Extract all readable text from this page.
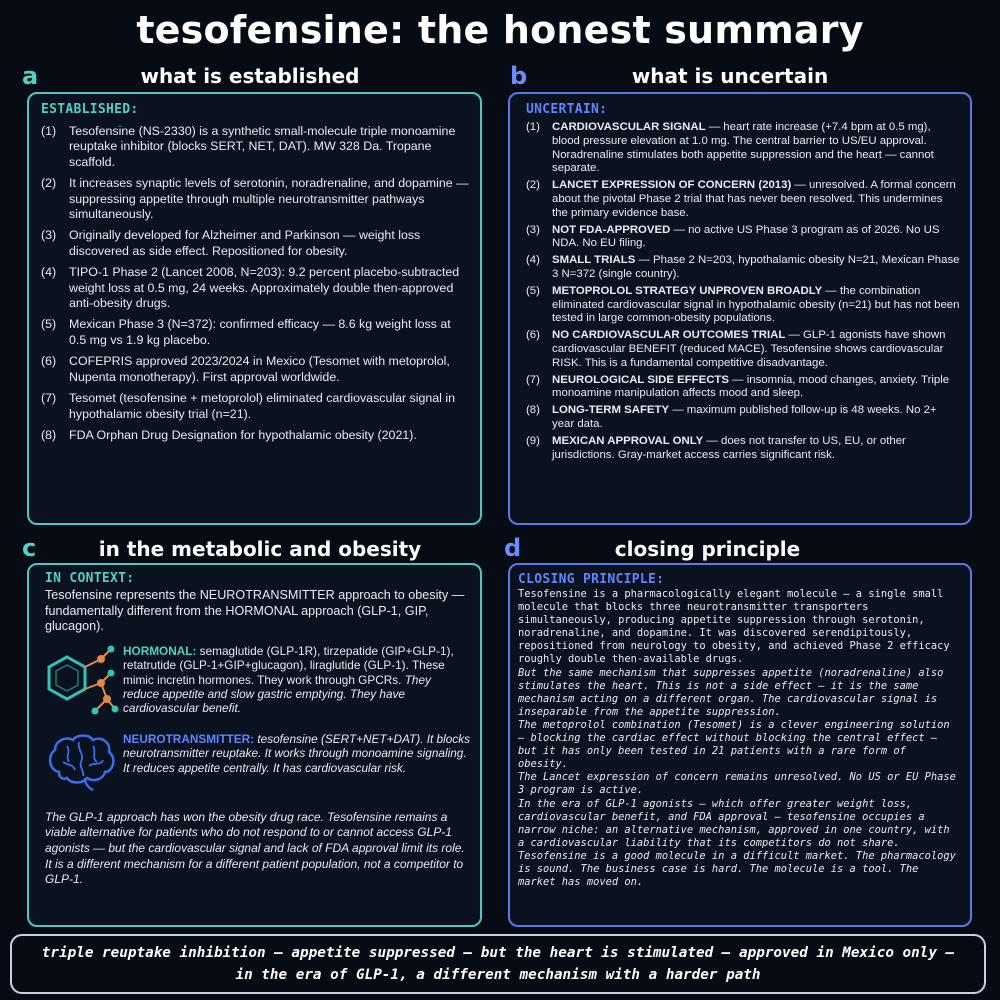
tesofensine: the honest summary
a	what is established	b	what is uncertain
c	in the metabolic and obesity	d	closing principle
ESTABLISHED:
(1)	Tesofensine (NS-2330) is a synthetic small-molecule triple monoamine reuptake inhibitor (blocks SERT, NET, DAT). MW 328 Da. Tropane scaffold.
(2)	It increases synaptic levels of serotonin, noradrenaline, and dopamine — suppressing appetite through multiple neurotransmitter pathways simultaneously.
(3)	Originally developed for Alzheimer and Parkinson — weight loss discovered as side effect. Repositioned for obesity.
(4)	TIPO-1 Phase 2 (Lancet 2008, N=203): 9.2 percent placebo-subtracted weight loss at 0.5 mg, 24 weeks. Approximately double then-approved anti-obesity drugs.
(5)	Mexican Phase 3 (N=372): confirmed efficacy — 8.6 kg weight loss at 0.5 mg vs 1.9 kg placebo.
(6)	COFEPRIS approved 2023/2024 in Mexico (Tesomet with metoprolol, Nupenta monotherapy). First approval worldwide.
(7)	Tesomet (tesofensine + metoprolol) eliminated cardiovascular signal in hypothalamic obesity trial (n=21).
(8)	FDA Orphan Drug Designation for hypothalamic obesity (2021).
UNCERTAIN:
(1)	CARDIOVASCULAR SIGNAL — heart rate increase (+7.4 bpm at 0.5 mg), blood pressure elevation at 1.0 mg. The central barrier to US/EU approval. Noradrenaline stimulates both appetite suppression and the heart — cannot separate.
(2)	LANCET EXPRESSION OF CONCERN (2013) — unresolved. A formal concern about the pivotal Phase 2 trial that has never been resolved. This undermines the primary evidence base.
(3)	NOT FDA-APPROVED — no active US Phase 3 program as of 2026. No US NDA. No EU filing.
(4)	SMALL TRIALS — Phase 2 N=203, hypothalamic obesity N=21, Mexican Phase 3 N=372 (single country).
(5)	METOPROLOL STRATEGY UNPROVEN BROADLY — the combination eliminated cardiovascular signal in hypothalamic obesity (n=21) but has not been tested in large common-obesity populations.
(6)	NO CARDIOVASCULAR OUTCOMES TRIAL — GLP-1 agonists have shown cardiovascular BENEFIT (reduced MACE). Tesofensine shows cardiovascular RISK. This is a fundamental competitive disadvantage.
(7)	NEUROLOGICAL SIDE EFFECTS — insomnia, mood changes, anxiety. Triple monoamine manipulation affects mood and sleep.
(8)	LONG-TERM SAFETY — maximum published follow-up is 48 weeks. No 2+ year data.
(9)	MEXICAN APPROVAL ONLY — does not transfer to US, EU, or other jurisdictions. Gray-market access carries significant risk.
IN CONTEXT:
Tesofensine represents the NEUROTRANSMITTER approach to obesity — fundamentally different from the HORMONAL approach (GLP-1, GIP, glucagon).
HORMONAL: semaglutide (GLP-1R), tirzepatide (GIP+GLP-1), retatrutide (GLP-1+GIP+glucagon), liraglutide (GLP-1). These mimic incretin hormones. They work through GPCRs. They reduce appetite and slow gastric emptying. They have cardiovascular benefit.
NEUROTRANSMITTER: tesofensine (SERT+NET+DAT). It blocks neurotransmitter reuptake. It works through monoamine signaling. It reduces appetite centrally. It has cardiovascular risk.
The GLP-1 approach has won the obesity drug race. Tesofensine remains a viable alternative for patients who do not respond to or cannot access GLP-1 agonists — but the cardiovascular signal and lack of FDA approval limit its role. It is a different mechanism for a different patient population, not a competitor to GLP-1.
CLOSING PRINCIPLE:

Tesofensine is a pharmacologically elegant molecule — a single small molecule that blocks three neurotransmitter transporters simultaneously, producing appetite suppression through serotonin, noradrenaline, and dopamine. It was discovered serendipitously, repositioned from neurology to obesity, and achieved Phase 2 efficacy roughly double then-available drugs.

But the same mechanism that suppresses appetite (noradrenaline) also stimulates the heart. This is not a side effect — it is the same mechanism acting on a different organ. The cardiovascular signal is inseparable from the appetite suppression.

The metoprolol combination (Tesomet) is a clever engineering solution — blocking the cardiac effect without blocking the central effect — but it has only been tested in 21 patients with a rare form of obesity.

The Lancet expression of concern remains unresolved. No US or EU Phase 3 program is active.

In the era of GLP-1 agonists — which offer greater weight loss, cardiovascular benefit, and FDA approval — tesofensine occupies a narrow niche: an alternative mechanism, approved in one country, with a cardiovascular liability that its competitors do not share.

Tesofensine is a good molecule in a difficult market. The pharmacology is sound. The business case is hard. The molecule is a tool. The market has moved on.

triple reuptake inhibition — appetite suppressed — but the heart is stimulated — approved in Mexico only —
in the era of GLP-1, a different mechanism with a harder path
